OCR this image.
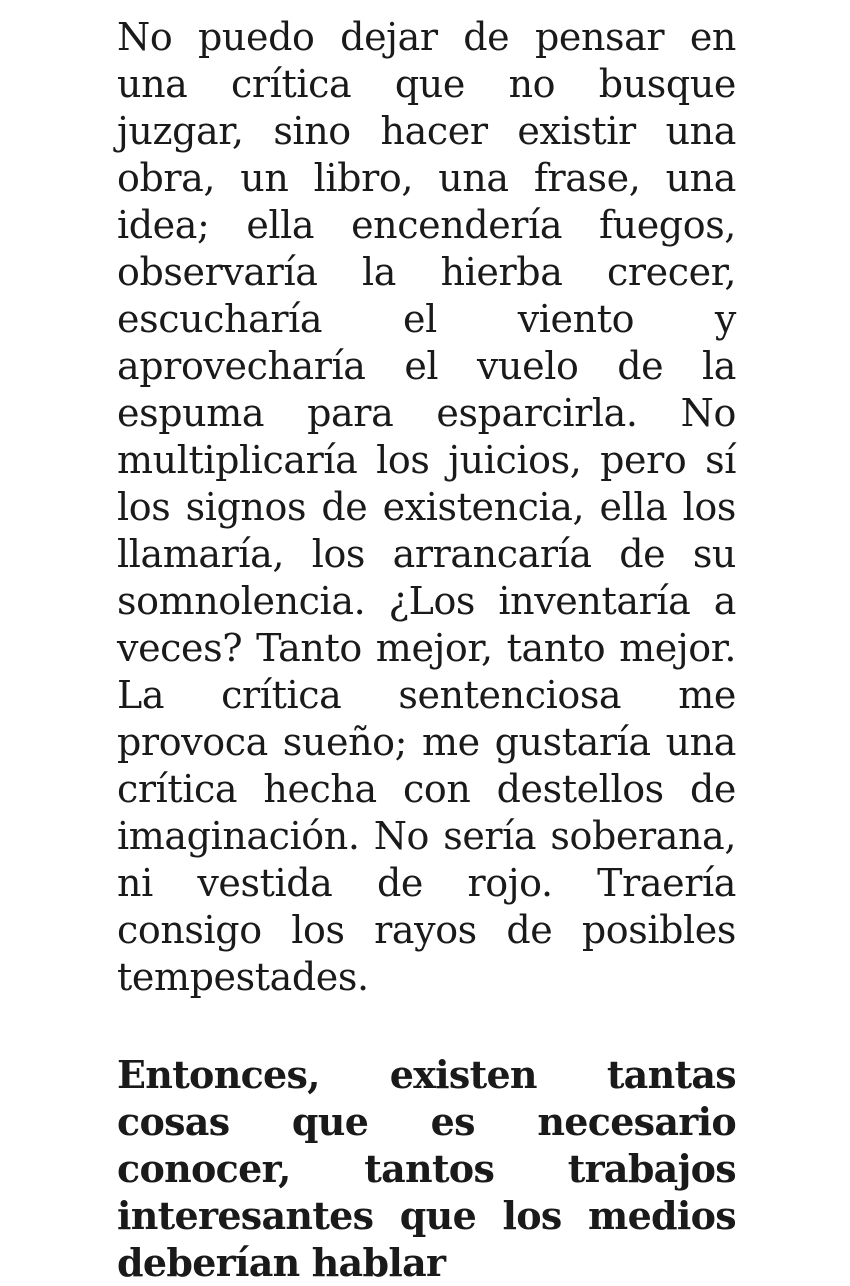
No puedo dejar de pensar en una crítica que no busque juzgar, sino hacer existir una obra, un libro, una frase, una idea; ella encendería fuegos, observaría la hierba crecer, escucharía el viento y aprovecharía el vuelo de la espuma para esparcirla. No multiplicaría los juicios, pero sí los signos de existencia, ella los llamaría, los arrancaría de su somnolencia. ¿Los inventaría a veces? Tanto mejor, tanto mejor. La crítica sentenciosa me provoca sueño; me gustaría una crítica hecha con destellos de imaginación. No sería soberana, ni vestida de rojo. Traería consigo los rayos de posibles tempestades.

Entonces, existen tantas cosas que es necesario conocer, tantos trabajos interesantes que los medios deberían hablar
